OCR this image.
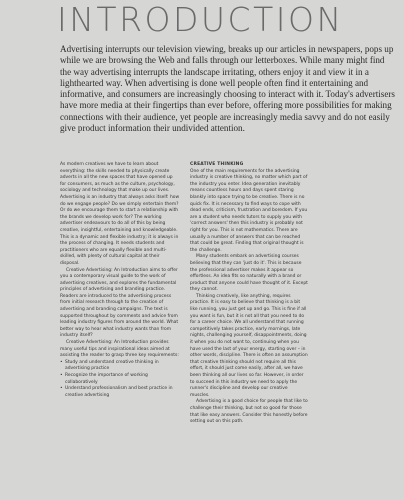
INTRODUCTION

Advertising interrupts our television viewing, breaks up our articles in newspapers, pops up while we are browsing the Web and falls through our letterboxes. While many might find the way advertising interrupts the landscape irritating, others enjoy it and view it in a lighthearted way. When advertising is done well people often find it entertaining and informative, and consumers are increasingly choosing to interact with it. Today's advertisers have more media at their fingertips than ever before, offering more possibilities for making connections with their audience, yet people are increasingly media savvy and do not easily give product information their undivided attention.

As modern creatives we have to learn about everything: the skills needed to physically create adverts in all the new spaces that have opened up for consumers, as much as the culture, psychology, sociology and technology that make up our lives. Advertising is an industry that always asks itself: how do we engage people? Do we simply entertain them? Or do we encourage them to start a relationship with the brands we develop work for? The working advertiser endeavours to do all of this by being creative, insightful, entertaining and knowledgeable. This is a dynamic and flexible industry; it is always in the process of changing. It needs students and practitioners who are equally flexible and multi-skilled, with plenty of cultural capital at their disposal.

Creative Advertising: An Introduction aims to offer you a contemporary visual guide to the work of advertising creatives, and explores the fundamental principles of advertising and branding practice. Readers are introduced to the advertising process from initial research through to the creation of advertising and branding campaigns. The text is supported throughout by comments and advice from leading industry figures from around the world. What better way to hear what industry wants than from industry itself?

Creative Advertising: An Introduction provides many useful tips and inspirational ideas aimed at assisting the reader to grasp three key requirements:

• Study and understand creative thinking in advertising practice
• Recognize the importance of working collaboratively
• Understand professionalism and best practice in creative advertising

CREATIVE THINKING

One of the main requirements for the advertising industry is creative thinking, no matter which part of the industry you enter. Idea generation inevitably means countless hours and days spent staring blankly into space trying to be creative. There is no quick fix. It is necessary to find ways to cope with dead ends, criticism, frustration and boredom. If you are a student who needs tutors to supply you with 'correct answers' then this industry is probably not right for you. This is not mathematics. There are usually a number of answers that can be reached that could be great. Finding that original thought is the challenge.

Many students embark on advertising courses believing that they can 'just do it'. This is because the professional advertiser makes it appear so effortless. An idea fits so naturally with a brand or product that anyone could have thought of it. Except they cannot.

Thinking creatively, like anything, requires practice. It is easy to believe that thinking is a bit like running, you just get up and go. This is fine if all you want is fun, but it is not all that you need to do for a career choice. We all understand that running competitively takes practice, early mornings, late nights, challenging yourself, disappointments, doing it when you do not want to, continuing when you have used the last of your energy, starting over – in other words, discipline. There is often an assumption that creative thinking should not require all this effort, it should just come easily, after all, we have been thinking all our lives so far. However, in order to succeed in this industry we need to apply the runner's discipline and develop our creative muscles.

Advertising is a good choice for people that like to challenge their thinking, but not so good for those that like easy answers. Consider this honestly before setting out on this path.
